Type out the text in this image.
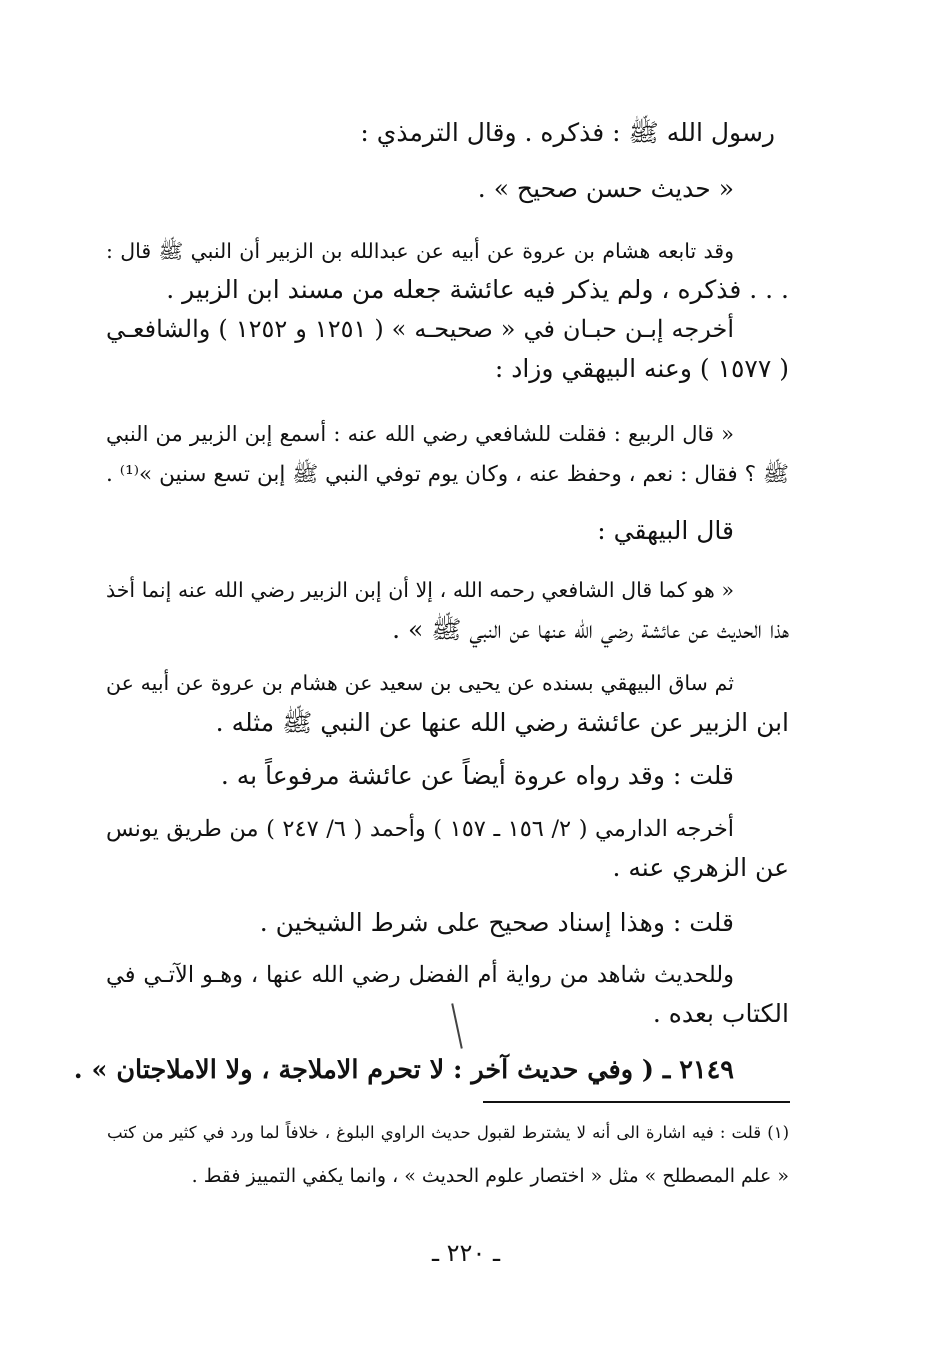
رسول الله ﷺ : فذكره . وقال الترمذي :
« حديث حسن صحيح » .
وقد تابعه هشام بن عروة عن أبيه عن عبدالله بن الزبير أن النبي ﷺ قال :
. . . فذكره ، ولم يذكر فيه عائشة جعله من مسند ابن الزبير .
أخرجه إبـن حبـان في « صحيحـه » ( ١٢٥١ و ١٢٥٢ ) والشافعـي
( ١٥٧٧ ) وعنه البيهقي وزاد :
« قال الربيع : فقلت للشافعي رضي الله عنه : أسمع إبن الزبير من النبي
ﷺ ؟ فقال : نعم ، وحفظ عنه ، وكان يوم توفي النبي ﷺ إبن تسع سنين »⁽¹⁾ .
قال البيهقي :
« هو كما قال الشافعي رحمه الله ، إلا أن إبن الزبير رضي الله عنه إنما أخذ
هذا الحديث عن عائشة رضي الله عنها عن النبي ﷺ » .
ثم ساق البيهقي بسنده عن يحيى بن سعيد عن هشام بن عروة عن أبيه عن
ابن الزبير عن عائشة رضي الله عنها عن النبي ﷺ مثله .
قلت : وقد رواه عروة أيضاً عن عائشة مرفوعاً به .
أخرجه الدارمي ( ٢/ ١٥٦ ـ ١٥٧ ) وأحمد ( ٦/ ٢٤٧ ) من طريق يونس
عن الزهري عنه .
قلت : وهذا إسناد صحيح على شرط الشيخين .
وللحديث شاهد من رواية أم الفضل رضي الله عنها ، وهـو الآتـي في
الكتاب بعده .
٢١٤٩ ـ ( وفي حديث آخر : لا تحرم الاملاجة ، ولا الاملاجتان » .
(١) قلت : فيه اشارة الى أنه لا يشترط لقبول حديث الراوي البلوغ ، خلافاً لما ورد في كثير من كتب
« علم المصطلح » مثل « اختصار علوم الحديث » ، وانما يكفي التمييز فقط .
ـ ٢٢٠ ـ
